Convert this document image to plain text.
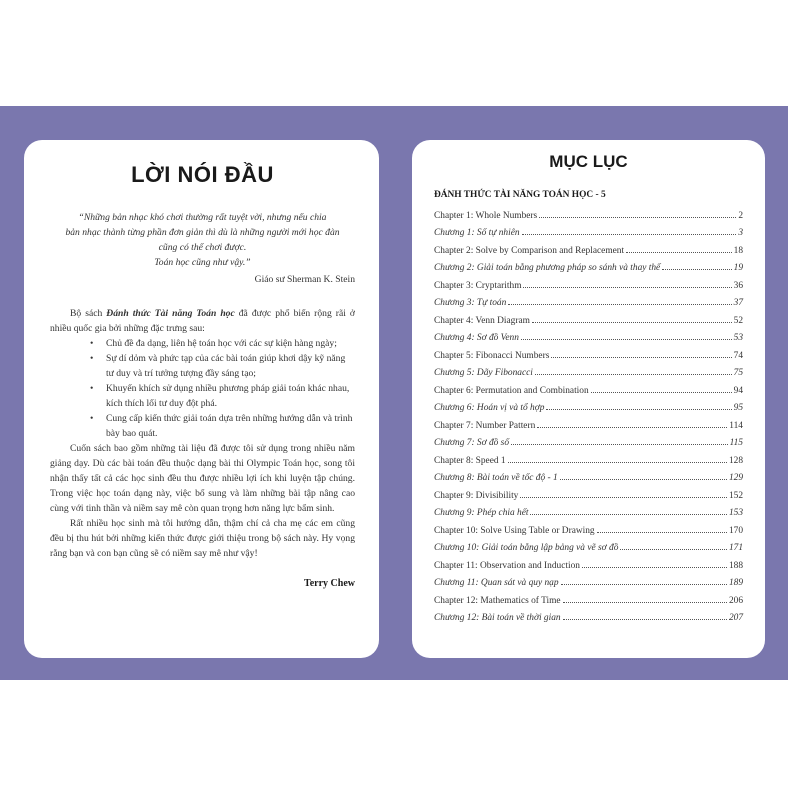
LỜI NÓI ĐẦU
“Những bản nhạc khó chơi thường rất tuyệt vời, nhưng nếu chia
bản nhạc thành từng phần đơn giản thì dù là những người mới học đàn
cũng có thể chơi được.
Toán học cũng như vậy.”
Giáo sư Sherman K. Stein

Bộ sách Đánh thức Tài năng Toán học đã được phổ biến rộng rãi ở nhiều quốc gia bởi những đặc trưng sau:

• Chủ đề đa dạng, liên hệ toán học với các sự kiện hàng ngày;
• Sự dí dỏm và phức tạp của các bài toán giúp khơi dậy kỹ năng tư duy và trí tưởng tượng đầy sáng tạo;
• Khuyến khích sử dụng nhiều phương pháp giải toán khác nhau, kích thích lối tư duy đột phá.
• Cung cấp kiến thức giải toán dựa trên những hướng dẫn và trình bày bao quát.

Cuốn sách bao gồm những tài liệu đã được tôi sử dụng trong nhiều năm giảng dạy. Dù các bài toán đều thuộc dạng bài thi Olympic Toán học, song tôi nhận thấy tất cả các học sinh đều thu được nhiều lợi ích khi luyện tập chúng. Trong việc học toán dạng này, việc bổ sung và làm những bài tập nâng cao cùng với tinh thần và niềm say mê còn quan trọng hơn năng lực bẩm sinh.

Rất nhiều học sinh mà tôi hướng dẫn, thậm chí cả cha mẹ các em cũng đều bị thu hút bởi những kiến thức được giới thiệu trong bộ sách này. Hy vọng rằng bạn và con bạn cũng sẽ có niềm say mê như vậy!

Terry Chew
MỤC LỤC
ĐÁNH THỨC TÀI NĂNG TOÁN HỌC - 5
Chapter 1: Whole Numbers	2
Chương 1: Số tự nhiên	3
Chapter 2: Solve by Comparison and Replacement	18
Chương 2: Giải toán bằng phương pháp so sánh và thay thế	19
Chapter 3: Cryptarithm	36
Chương 3: Tự toán	37
Chapter 4: Venn Diagram	52
Chương 4: Sơ đồ Venn	53
Chapter 5: Fibonacci Numbers	74
Chương 5: Dãy Fibonacci	75
Chapter 6: Permutation and Combination	94
Chương 6: Hoán vị và tổ hợp	95
Chapter 7: Number Pattern	114
Chương 7: Sơ đồ số	115
Chapter 8: Speed 1	128
Chương 8: Bài toán về tốc độ - 1	129
Chapter 9: Divisibility	152
Chương 9: Phép chia hết	153
Chapter 10: Solve Using Table or Drawing	170
Chương 10: Giải toán bằng lập bảng và vẽ sơ đồ	171
Chapter 11: Observation and Induction	188
Chương 11: Quan sát và quy nạp	189
Chapter 12: Mathematics of Time	206
Chương 12: Bài toán về thời gian	207
